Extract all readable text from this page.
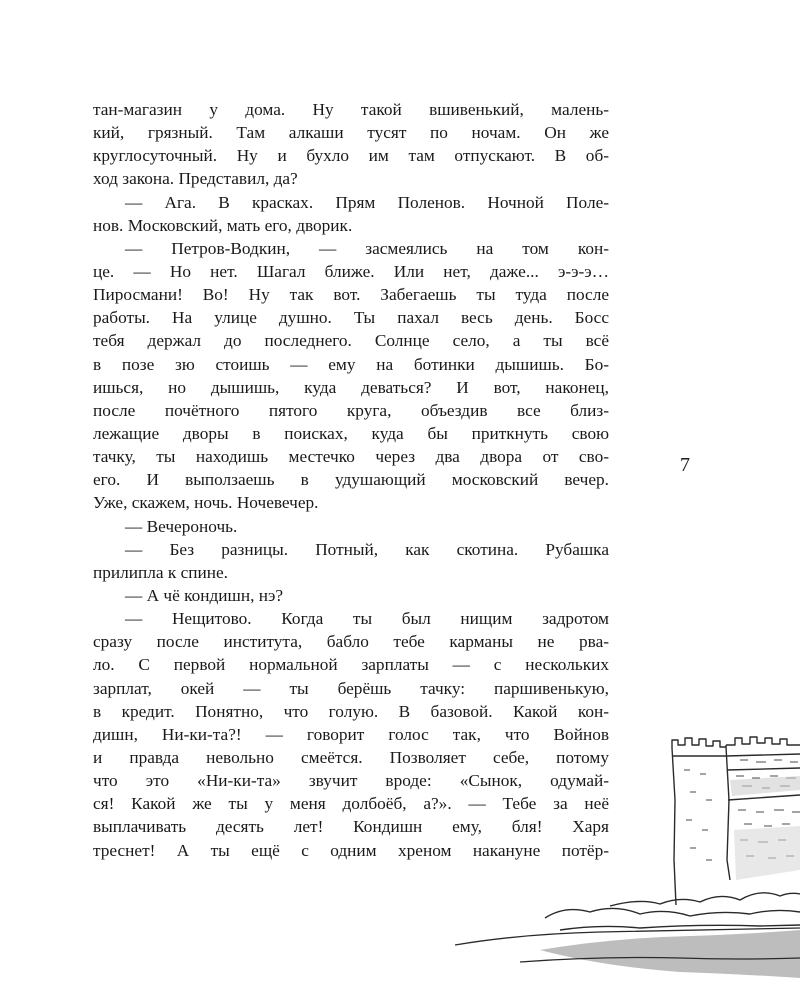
тан-магазин у дома. Ну такой вшивенький, малень-
кий, грязный. Там алкаши тусят по ночам. Он же
круглосуточный. Ну и бухло им там отпускают. В об-
ход закона. Представил, да?
— Ага. В красках. Прям Поленов. Ночной Поле-
нов. Московский, мать его, дворик.
— Петров-Водкин, — засмеялись на том кон-
це. — Но нет. Шагал ближе. Или нет, даже... э-э-э…
Пиросмани! Во! Ну так вот. Забегаешь ты туда после
работы. На улице душно. Ты пахал весь день. Босс
тебя держал до последнего. Солнце село, а ты всё
в позе зю стоишь — ему на ботинки дышишь. Бо-
ишься, но дышишь, куда деваться? И вот, наконец,
после почётного пятого круга, объездив все близ-
лежащие дворы в поисках, куда бы приткнуть свою
тачку, ты находишь местечко через два двора от сво-
его. И выползаешь в удушающий московский вечер.
Уже, скажем, ночь. Ночевечер.
— Вечероночь.
— Без разницы. Потный, как скотина. Рубашка
прилипла к спине.
— А чё кондишн, нэ?
— Нещитово. Когда ты был нищим задротом
сразу после института, бабло тебе карманы не рва-
ло. С первой нормальной зарплаты — с нескольких
зарплат, окей — ты берёшь тачку: паршивенькую,
в кредит. Понятно, что голую. В базовой. Какой кон-
дишн, Ни-ки-та?! — говорит голос так, что Войнов
и правда невольно смеётся. Позволяет себе, потому
что это «Ни-ки-та» звучит вроде: «Сынок, одумай-
ся! Какой же ты у меня долбоёб, а?». — Тебе за неё
выплачивать десять лет! Кондишн ему, бля! Харя
треснет! А ты ещё с одним хреном накануне потёр-
7
